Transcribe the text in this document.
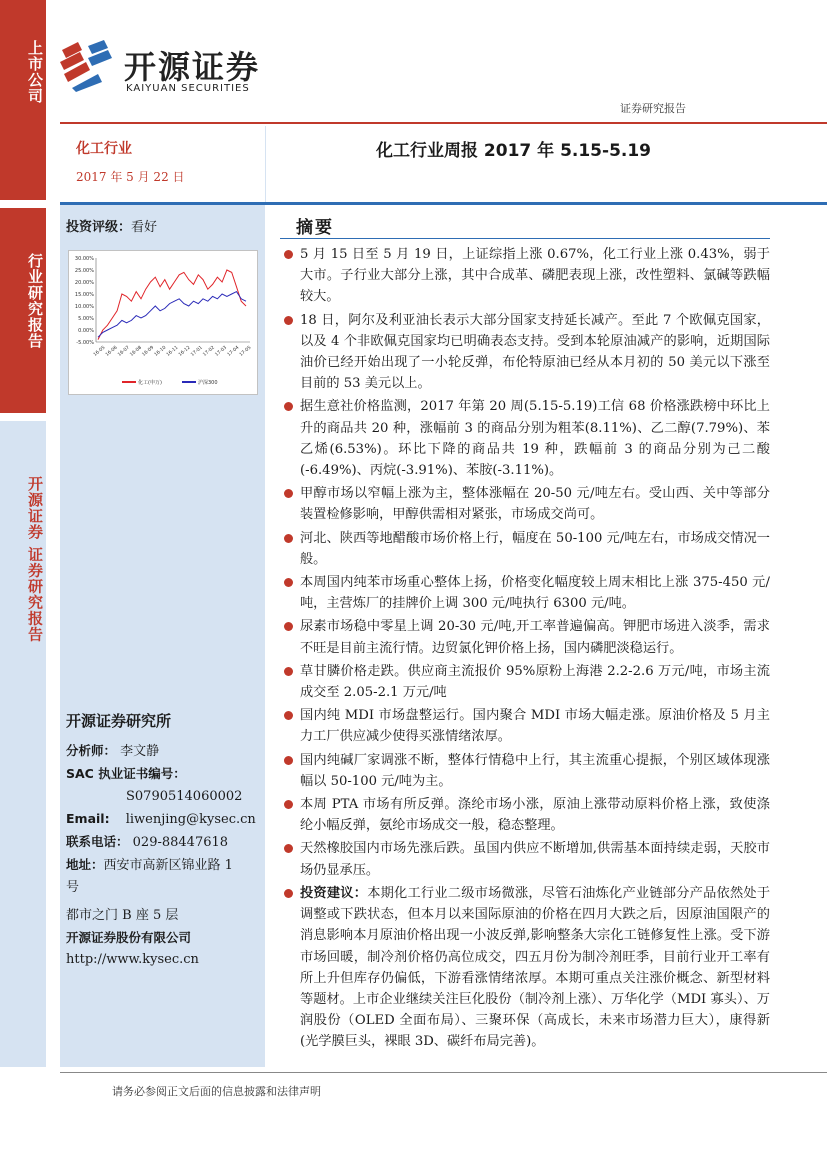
上市公司
行业研究报告
开源证券 证券研究报告
开源证券
KAIYUAN SECURITIES
证券研究报告
化工行业
2017 年 5 月 22 日
化工行业周报 2017 年 5.15-5.19
投资评级：看好
30.00%
25.00%
20.00%
15.00%
10.00%
5.00%
0.00%
-5.00%
16-05
16-06
16-07
16-08
16-09
16-10
16-11
16-12
17-01
17-02
17-03
17-04
17-05
化工(申万)	沪深300
开源证券研究所
分析师： 李文静
SAC 执业证书编号：
S0790514060002
Email: liwenjing@kysec.cn
联系电话： 029-88447618
地址：西安市高新区锦业路 1
号
都市之门 B 座 5 层
开源证券股份有限公司
http://www.kysec.cn
摘要
5 月 15 日至 5 月 19 日，上证综指上涨 0.67%，化工行业上涨 0.43%，弱于大市。子行业大部分上涨，其中合成革、磷肥表现上涨，改性塑料、氯碱等跌幅较大。
18 日，阿尔及利亚油长表示大部分国家支持延长减产。至此 7 个欧佩克国家，以及 4 个非欧佩克国家均已明确表态支持。受到本轮原油减产的影响，近期国际油价已经开始出现了一小轮反弹，布伦特原油已经从本月初的 50 美元以下涨至目前的 53 美元以上。
据生意社价格监测，2017 年第 20 周(5.15-5.19)工信 68 价格涨跌榜中环比上升的商品共 20 种，涨幅前 3 的商品分别为粗苯(8.11%)、乙二醇(7.79%)、苯乙烯(6.53%)。环比下降的商品共 19 种，跌幅前 3 的商品分别为己二酸(-6.49%)、丙烷(-3.91%)、苯胺(-3.11%)。
甲醇市场以窄幅上涨为主，整体涨幅在 20-50 元/吨左右。受山西、关中等部分装置检修影响，甲醇供需相对紧张，市场成交尚可。
河北、陕西等地醋酸市场价格上行，幅度在 50-100 元/吨左右，市场成交情况一般。
本周国内纯苯市场重心整体上扬，价格变化幅度较上周末相比上涨 375-450 元/吨，主营炼厂的挂牌价上调 300 元/吨执行 6300 元/吨。
尿素市场稳中零星上调 20-30 元/吨,开工率普遍偏高。钾肥市场进入淡季，需求不旺是目前主流行情。边贸氯化钾价格上扬，国内磷肥淡稳运行。
草甘膦价格走跌。供应商主流报价 95%原粉上海港 2.2-2.6 万元/吨，市场主流成交至 2.05-2.1 万元/吨
国内纯 MDI 市场盘整运行。国内聚合 MDI 市场大幅走涨。原油价格及 5 月主力工厂供应减少使得买涨情绪浓厚。
国内纯碱厂家调涨不断，整体行情稳中上行，其主流重心提振，个别区域体现涨幅以 50-100 元/吨为主。
本周 PTA 市场有所反弹。涤纶市场小涨，原油上涨带动原料价格上涨，致使涤纶小幅反弹，氨纶市场成交一般，稳态整理。
天然橡胶国内市场先涨后跌。虽国内供应不断增加,供需基本面持续走弱，天胶市场仍显承压。
投资建议：本期化工行业二级市场微涨，尽管石油炼化产业链部分产品依然处于调整或下跌状态，但本月以来国际原油的价格在四月大跌之后，因原油国限产的消息影响本月原油价格出现一小波反弹,影响整条大宗化工链修复性上涨。受下游市场回暖，制冷剂价格仍高位成交，四五月份为制冷剂旺季，目前行业开工率有所上升但库存仍偏低，下游看涨情绪浓厚。本期可重点关注涨价概念、新型材料等题材。上市企业继续关注巨化股份（制冷剂上涨）、万华化学（MDI 寡头）、万润股份（OLED 全面布局）、三聚环保（高成长，未来市场潜力巨大），康得新(光学膜巨头，裸眼 3D、碳纤布局完善)。
请务必参阅正文后面的信息披露和法律声明
